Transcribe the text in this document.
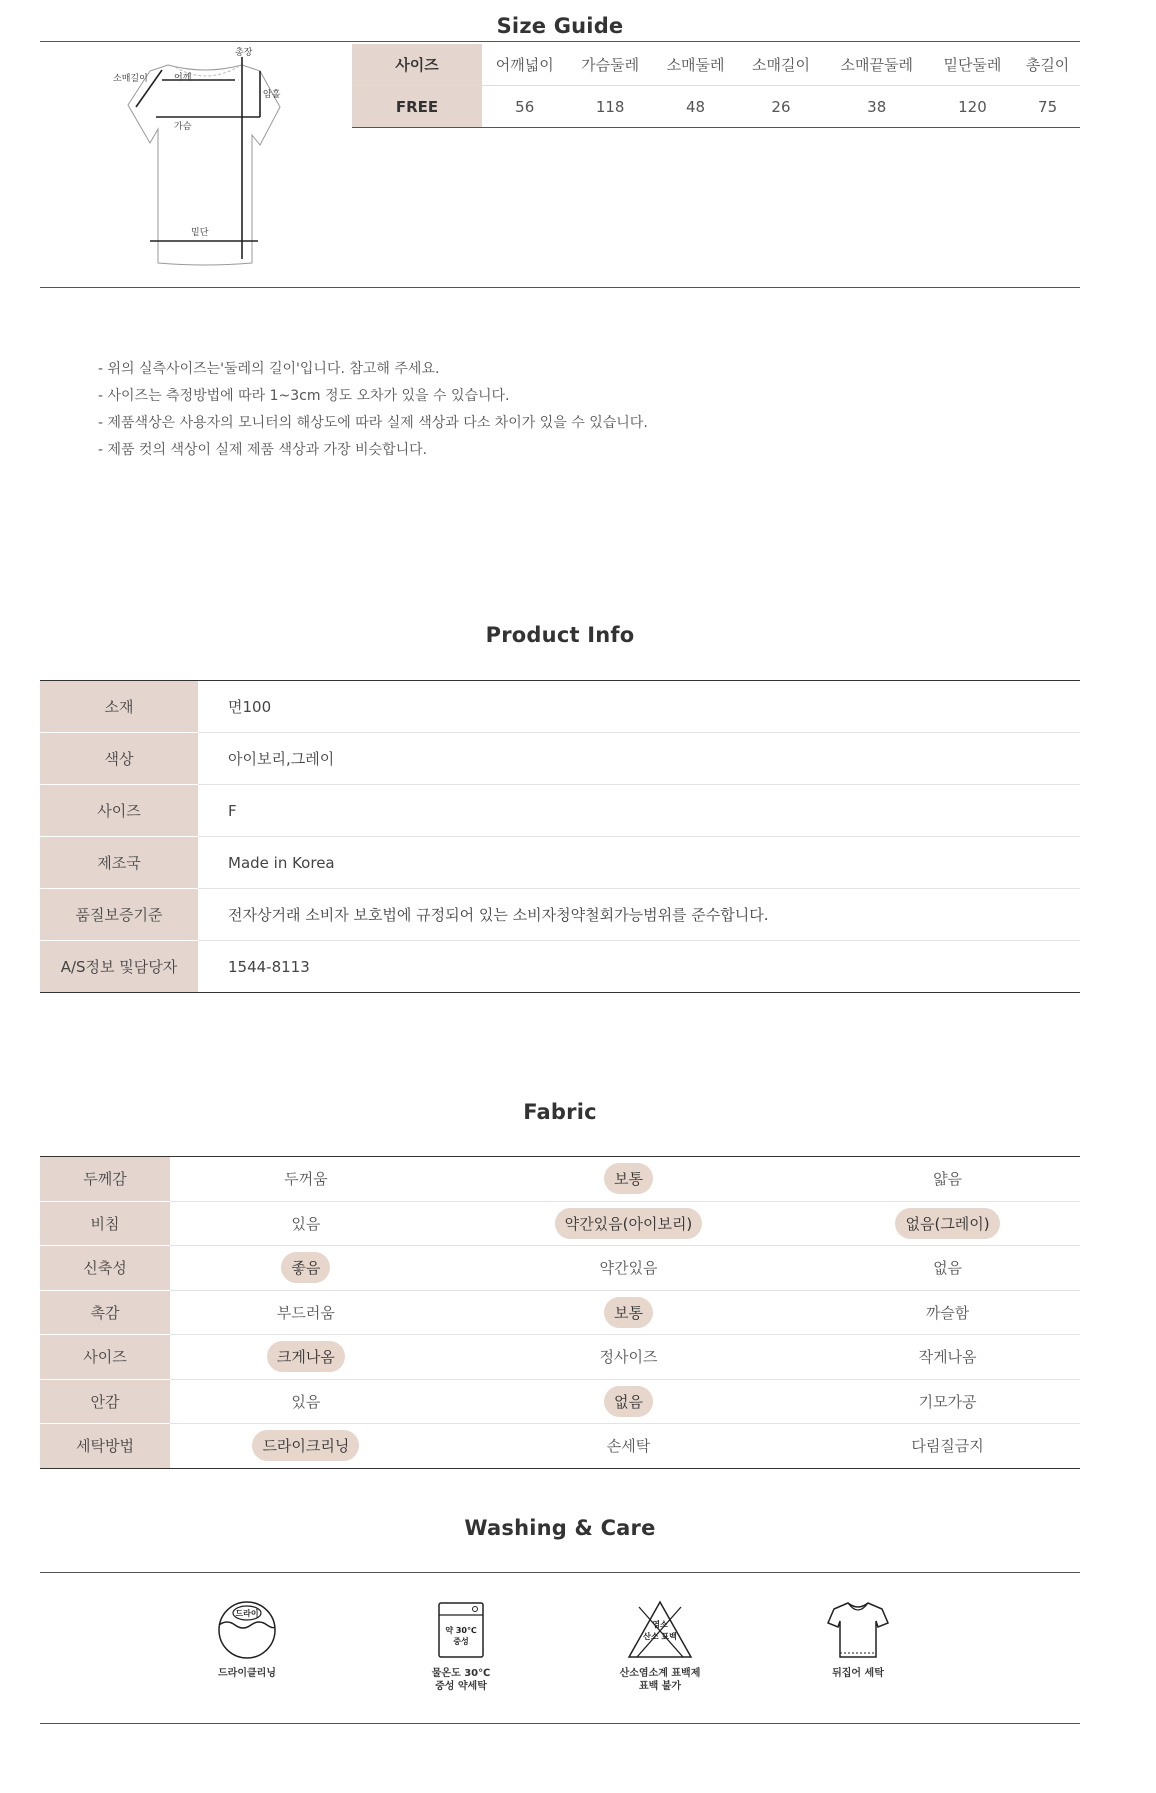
Size Guide
총장
소매길이	어깨
암홀
가슴
밑단
사이즈	어깨넓이	가슴둘레	소매둘레	소매길이	소매끝둘레	밑단둘레	총길이
FREE	56	118	48	26	38	120	75
- 위의 실측사이즈는'둘레의 길이'입니다. 참고해 주세요.
- 사이즈는 측정방법에 따라 1~3cm 정도 오차가 있을 수 있습니다.
- 제품색상은 사용자의 모니터의 해상도에 따라 실제 색상과 다소 차이가 있을 수 있습니다.
- 제품 컷의 색상이 실제 제품 색상과 가장 비슷합니다.
Product Info
소재	면100
색상	아이보리,그레이
사이즈	F
제조국	Made in Korea
품질보증기준	전자상거래 소비자 보호법에 규정되어 있는 소비자청약철회가능범위를 준수합니다.
A/S정보 및담당자	1544-8113
Fabric
두께감	두꺼움	보통	얇음
비침	있음	약간있음(아이보리)	없음(그레이)
신축성	좋음	약간있음	없음
촉감	부드러움	보통	까슬함
사이즈	크게나옴	정사이즈	작게나옴
안감	있음	없음	기모가공
세탁방법	드라이크리닝	손세탁	다림질금지
Washing & Care
드라이
드라이클리닝
약 30℃ 중성
물온도 30℃
중성 약세탁
염소 산소 표백
산소염소계 표백제
표백 불가
뒤집어 세탁
